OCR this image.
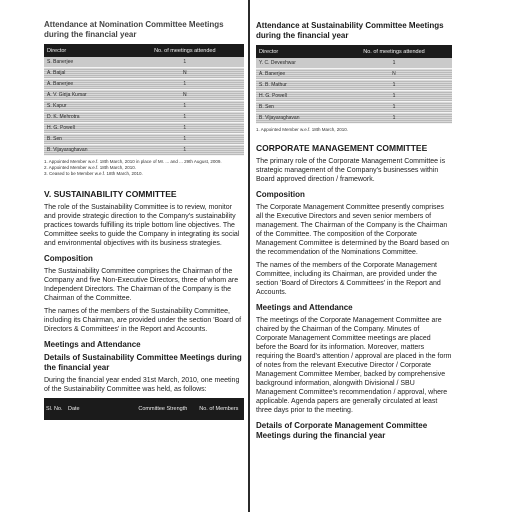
Attendance at Nomination Committee Meetings during the financial year

Director	No. of meetings attended
S. Banerjee	1
A. Baijal	N
A. Banerjee	1
A. V. Girija Kumar	N
S. Kapur	1
D. K. Mehrotra	1
H. G. Powell	1
B. Sen	1
B. Vijayaraghavan	1
1. Appointed Member w.e.f. 18th March, 2010 in place of Mr. ... and ... 29th August, 2009.
2. Appointed Member w.e.f. 18th March, 2010.
3. Ceased to be Member w.e.f. 18th March, 2010.
V. SUSTAINABILITY COMMITTEE

The role of the Sustainability Committee is to review, monitor and provide strategic direction to the Company's sustainability practices towards fulfilling its triple bottom line objectives. The Committee seeks to guide the Company in integrating its social and environmental objectives with its business strategies.

Composition

The Sustainability Committee comprises the Chairman of the Company and five Non-Executive Directors, three of whom are Independent Directors. The Chairman of the Company is the Chairman of the Committee.

The names of the members of the Sustainability Committee, including its Chairman, are provided under the section 'Board of Directors & Committees' in the Report and Accounts.

Meetings and Attendance
Details of Sustainability Committee Meetings during the financial year

During the financial year ended 31st March, 2010, one meeting of the Sustainability Committee was held, as follows:

Sl. No.	Date	Committee Strength	No. of Members

Attendance at Sustainability Committee Meetings during the financial year

Director	No. of meetings attended
Y. C. Deveshwar	1
A. Banerjee	N
S. B. Mathur	1
H. G. Powell	1
B. Sen	1
B. Vijayaraghavan	1
1. Appointed Member w.e.f. 18th March, 2010.
CORPORATE MANAGEMENT COMMITTEE

The primary role of the Corporate Management Committee is strategic management of the Company's businesses within Board approved direction / framework.

Composition

The Corporate Management Committee presently comprises all the Executive Directors and seven senior members of management. The Chairman of the Company is the Chairman of the Committee. The composition of the Corporate Management Committee is determined by the Board based on the recommendation of the Nominations Committee.

The names of the members of the Corporate Management Committee, including its Chairman, are provided under the section 'Board of Directors & Committees' in the Report and Accounts.

Meetings and Attendance

The meetings of the Corporate Management Committee are chaired by the Chairman of the Company. Minutes of Corporate Management Committee meetings are placed before the Board for its information. Moreover, matters requiring the Board's attention / approval are placed in the form of notes from the relevant Executive Director / Corporate Management Committee Member, backed by comprehensive background information, alongwith Divisional / SBU Management Committee's recommendation / approval, where applicable. Agenda papers are generally circulated at least three days prior to the meeting.

Details of Corporate Management Committee Meetings during the financial year
